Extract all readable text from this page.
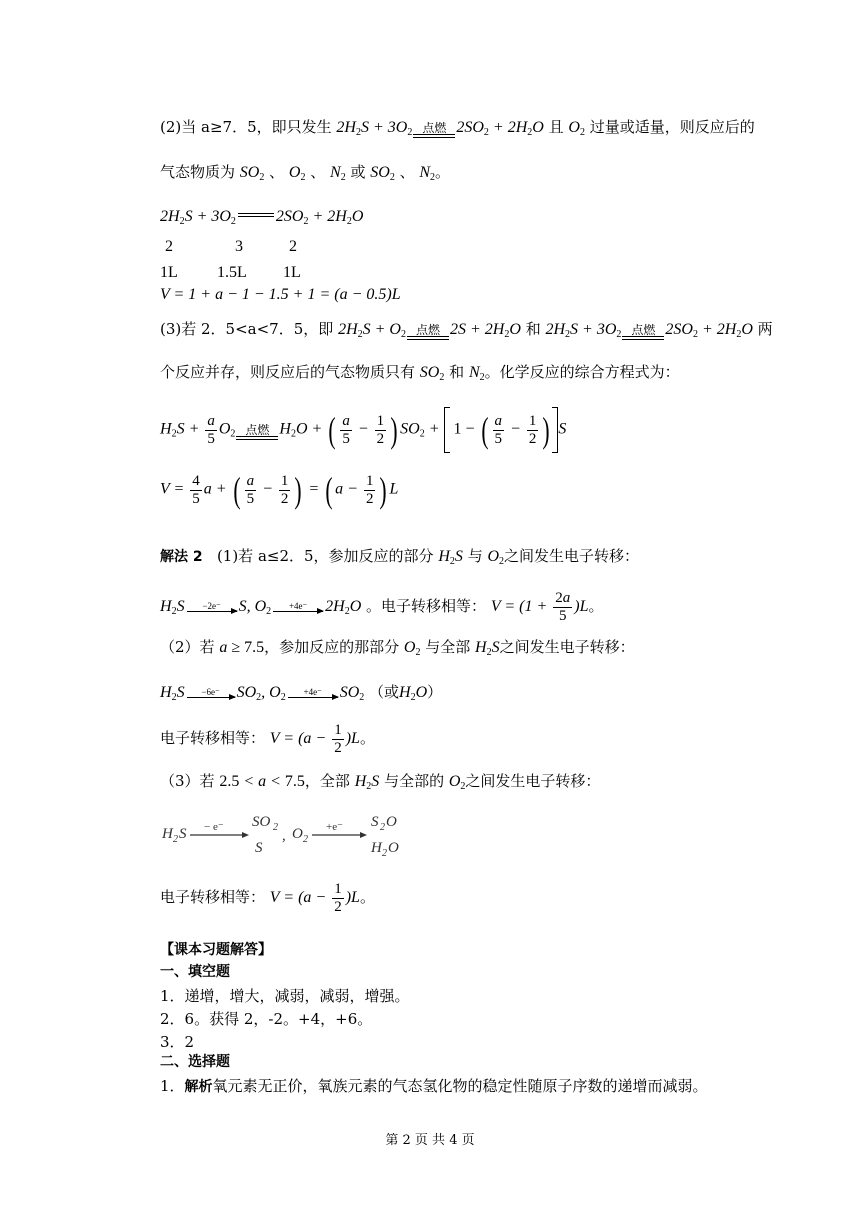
(2)当 a≥7．5，即只发生 $2H_2S + 3O_2$ 点燃 $2SO_2 + 2H_2O$ 且 $O_2$ 过量或适量，则反应后的
气态物质为 $SO_2$ 、 $O_2$ 、 $N_2$ 或 $SO_2$ 、 $N_2$。
$2H_2S + 3O_2$	$2SO_2 + 2H_2O$
2	3	2
1L 1.5L 1L
V = 1 + a − 1 − 1.5 + 1 = (a − 0.5)L
(3)若 2．5<a<7．5，即 $2H_2S + O_2$ 点燃 $2S + 2H_2O$ 和 $2H_2S + 3O_2$ 点燃 $2SO_2 + 2H_2O$ 两
个反应并存，则反应后的气态物质只有 $SO_2$ 和 $N_2$。化学反应的综合方程式为：
$H_2S + \frac{a}{5} O_2$ 点燃 $H_2O$ + ( $\frac{a}{5} - \frac{1}{2}$ ) $SO_2 + 1$ − ( $\frac{a}{5} - \frac{1}{2}$ ) S
$V = \frac{4}{5}$ a + ( $\frac{a}{5} - \frac{1}{2}$ ) = ( $a - \frac{1}{2}$ ) L
解法 2 (1)若 a≤2．5，参加反应的部分 $H_2S$ 与 $O_2$之间发生电子转移：
$H_2S$	−2e⁻	S, $O_2$	+4e⁻	$2H_2O$ 。电子转移相等： $V = (1 + \frac{2a}{5} )L$。
（2）若 a ≥ 7.5，参加反应的那部分 $O_2$ 与全部 $H_2S$之间发生电子转移：
$H_2S$	−6e⁻	$SO_2$, $O_2$	+4e⁻	$SO_2$ （或$H_2O$）
电子转移相等： $V = (a - \frac{1}{2} )L$。
（3）若 2.5 < a < 7.5，全部 $H_2S$ 与全部的 $O_2$之间发生电子转移：
H 2 S − e⁻ SO 2
S
, O 2
+e⁻ S 2 O
H 2 O
电子转移相等： $V = (a - \frac{1}{2} )L$。
【课本习题解答】
一、填空题
1．递增，增大，减弱，减弱，增强。
2．6。获得 2，-2。+4，+6。
3．2
二、选择题
1．解析氧元素无正价，氧族元素的气态氢化物的稳定性随原子序数的递增而减弱。
第 2 页 共 4 页
